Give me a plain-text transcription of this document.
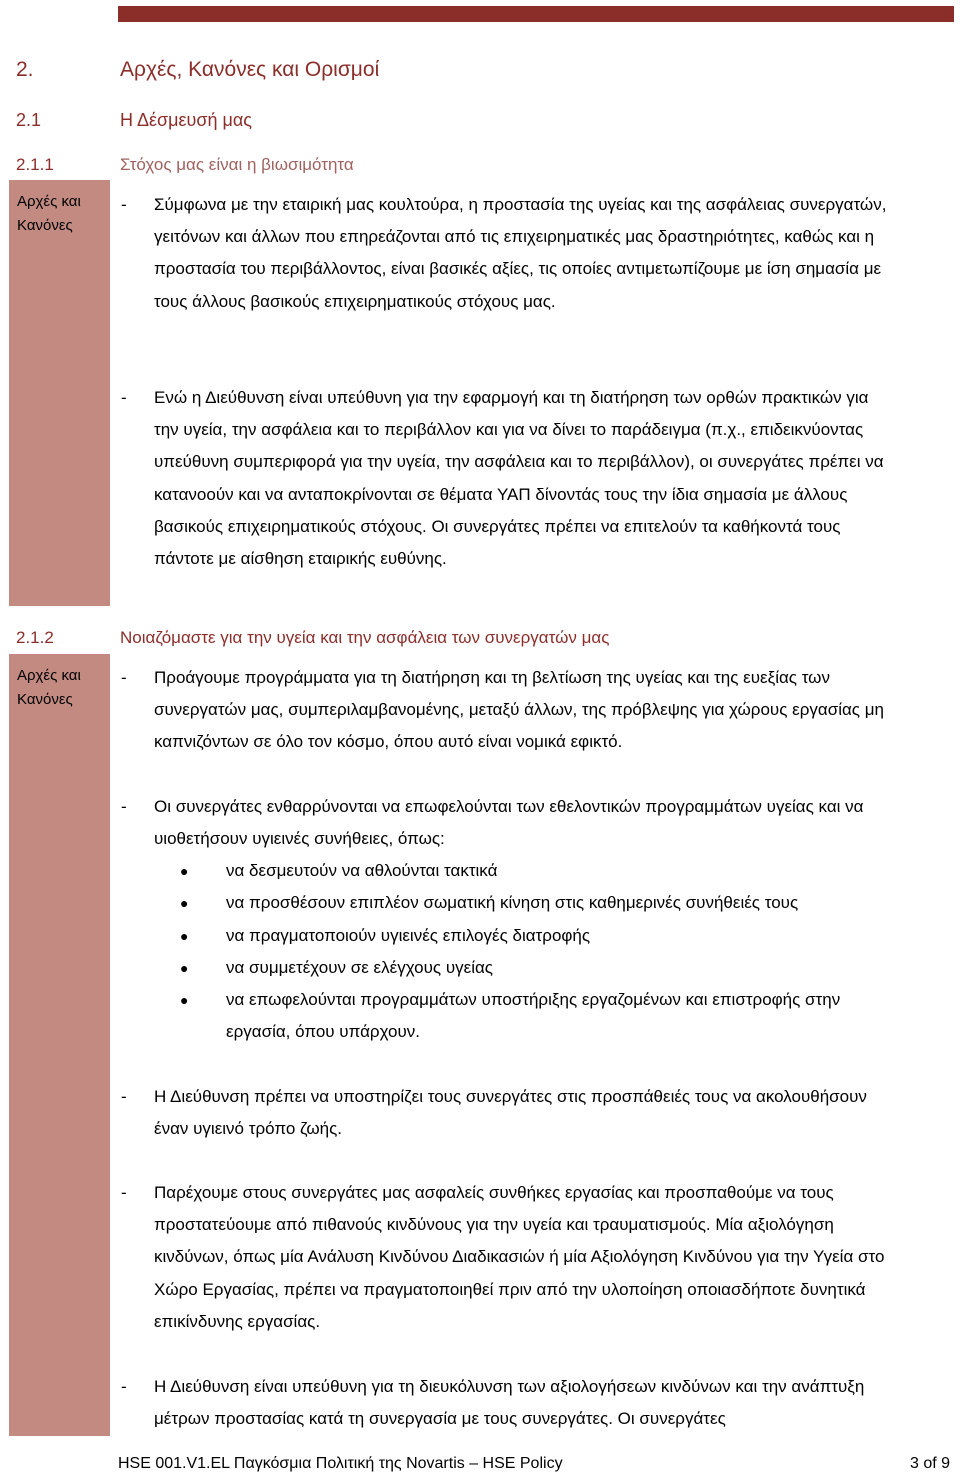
2.	Αρχές, Κανόνες και Ορισμοί
2.1	Η Δέσμευσή μας
2.1.1	Στόχος μας είναι η βιωσιμότητα
Αρχές και Κανόνες
- Σύμφωνα με την εταιρική μας κουλτούρα, η προστασία της υγείας και της ασφάλειας συνεργατών, γειτόνων και άλλων που επηρεάζονται από τις επιχειρηματικές μας δραστηριότητες, καθώς και η προστασία του περιβάλλοντος, είναι βασικές αξίες, τις οποίες αντιμετωπίζουμε με ίση σημασία με τους άλλους βασικούς επιχειρηματικούς στόχους μας.
- Ενώ η Διεύθυνση είναι υπεύθυνη για την εφαρμογή και τη διατήρηση των ορθών πρακτικών για την υγεία, την ασφάλεια και το περιβάλλον και για να δίνει το παράδειγμα (π.χ., επιδεικνύοντας υπεύθυνη συμπεριφορά για την υγεία, την ασφάλεια και το περιβάλλον), οι συνεργάτες πρέπει να κατανοούν και να ανταποκρίνονται σε θέματα ΥΑΠ δίνοντάς τους την ίδια σημασία με άλλους βασικούς επιχειρηματικούς στόχους. Οι συνεργάτες πρέπει να επιτελούν τα καθήκοντά τους πάντοτε με αίσθηση εταιρικής ευθύνης.
2.1.2	Νοιαζόμαστε για την υγεία και την ασφάλεια των συνεργατών μας
Αρχές και Κανόνες
- Προάγουμε προγράμματα για τη διατήρηση και τη βελτίωση της υγείας και της ευεξίας των συνεργατών μας, συμπεριλαμβανομένης, μεταξύ άλλων, της πρόβλεψης για χώρους εργασίας μη καπνιζόντων σε όλο τον κόσμο, όπου αυτό είναι νομικά εφικτό.
- Οι συνεργάτες ενθαρρύνονται να επωφελούνται των εθελοντικών προγραμμάτων υγείας και να υιοθετήσουν υγιεινές συνήθειες, όπως:
● να δεσμευτούν να αθλούνται τακτικά
● να προσθέσουν επιπλέον σωματική κίνηση στις καθημερινές συνήθειές τους
● να πραγματοποιούν υγιεινές επιλογές διατροφής
● να συμμετέχουν σε ελέγχους υγείας
● να επωφελούνται προγραμμάτων υποστήριξης εργαζομένων και επιστροφής στην εργασία, όπου υπάρχουν.
- Η Διεύθυνση πρέπει να υποστηρίζει τους συνεργάτες στις προσπάθειές τους να ακολουθήσουν έναν υγιεινό τρόπο ζωής.
- Παρέχουμε στους συνεργάτες μας ασφαλείς συνθήκες εργασίας και προσπαθούμε να τους προστατεύουμε από πιθανούς κινδύνους για την υγεία και τραυματισμούς. Μία αξιολόγηση κινδύνων, όπως μία Ανάλυση Κινδύνου Διαδικασιών ή μία Αξιολόγηση Κινδύνου για την Υγεία στο Χώρο Εργασίας, πρέπει να πραγματοποιηθεί πριν από την υλοποίηση οποιασδήποτε δυνητικά επικίνδυνης εργασίας.
- Η Διεύθυνση είναι υπεύθυνη για τη διευκόλυνση των αξιολογήσεων κινδύνων και την ανάπτυξη μέτρων προστασίας κατά τη συνεργασία με τους συνεργάτες. Οι συνεργάτες
HSE 001.V1.EL Παγκόσμια Πολιτική της Novartis – HSE Policy	3 of 9
